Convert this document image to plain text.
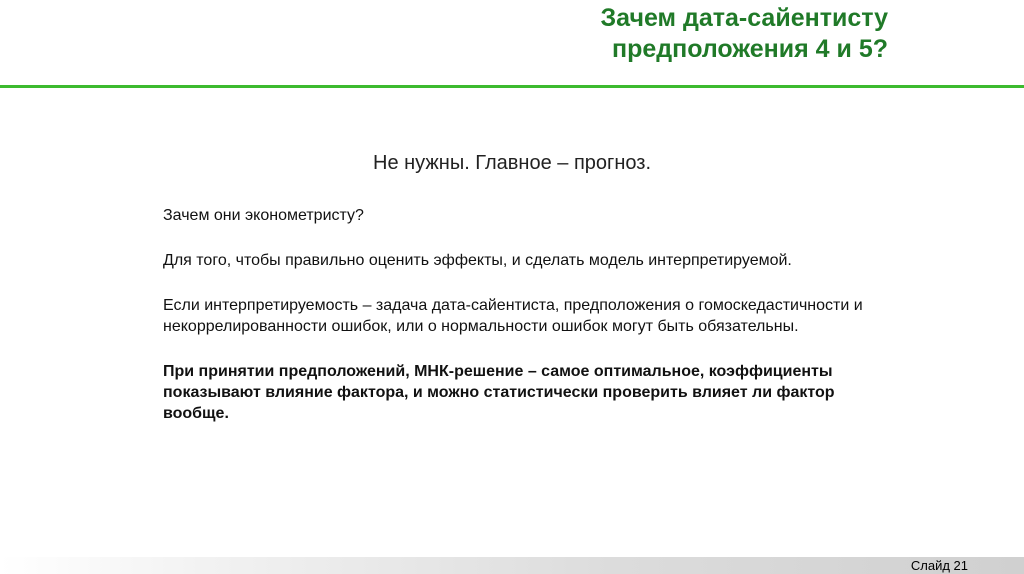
Зачем дата-сайентисту
предположения 4 и 5?
Не нужны. Главное – прогноз.

Зачем они эконометристу?

Для того, чтобы правильно оценить эффекты, и сделать модель интерпретируемой.

Если интерпретируемость – задача дата-сайентиста, предположения о гомоскедастичности и некоррелированности ошибок, или о нормальности ошибок могут быть обязательны.

При принятии предположений, МНК-решение – самое оптимальное, коэффициенты показывают влияние фактора, и можно статистически проверить влияет ли фактор вообще.

Слайд 21
